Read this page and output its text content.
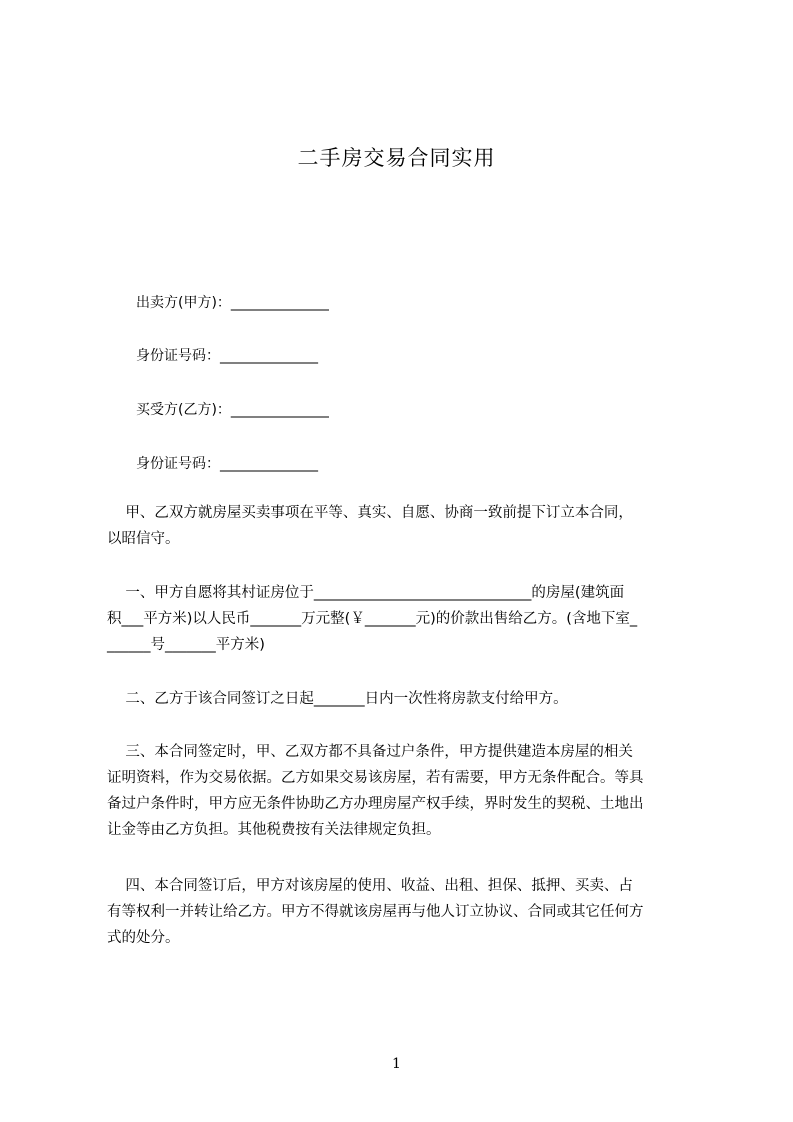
二手房交易合同实用
出卖方(甲方)：______________
身份证号码：______________
买受方(乙方)：______________
身份证号码：______________
甲、乙双方就房屋买卖事项在平等、真实、自愿、协商一致前提下订立本合同，
以昭信守。
一、甲方自愿将其村证房位于______________________________的房屋(建筑面
积___平方米)以人民币_______万元整(￥_______元)的价款出售给乙方。(含地下室_
______号_______平方米)
二、乙方于该合同签订之日起_______日内一次性将房款支付给甲方。
三、本合同签定时，甲、乙双方都不具备过户条件，甲方提供建造本房屋的相关
证明资料，作为交易依据。乙方如果交易该房屋，若有需要，甲方无条件配合。等具
备过户条件时，甲方应无条件协助乙方办理房屋产权手续，界时发生的契税、土地出
让金等由乙方负担。其他税费按有关法律规定负担。
四、本合同签订后，甲方对该房屋的使用、收益、出租、担保、抵押、买卖、占
有等权利一并转让给乙方。甲方不得就该房屋再与他人订立协议、合同或其它任何方
式的处分。
1
